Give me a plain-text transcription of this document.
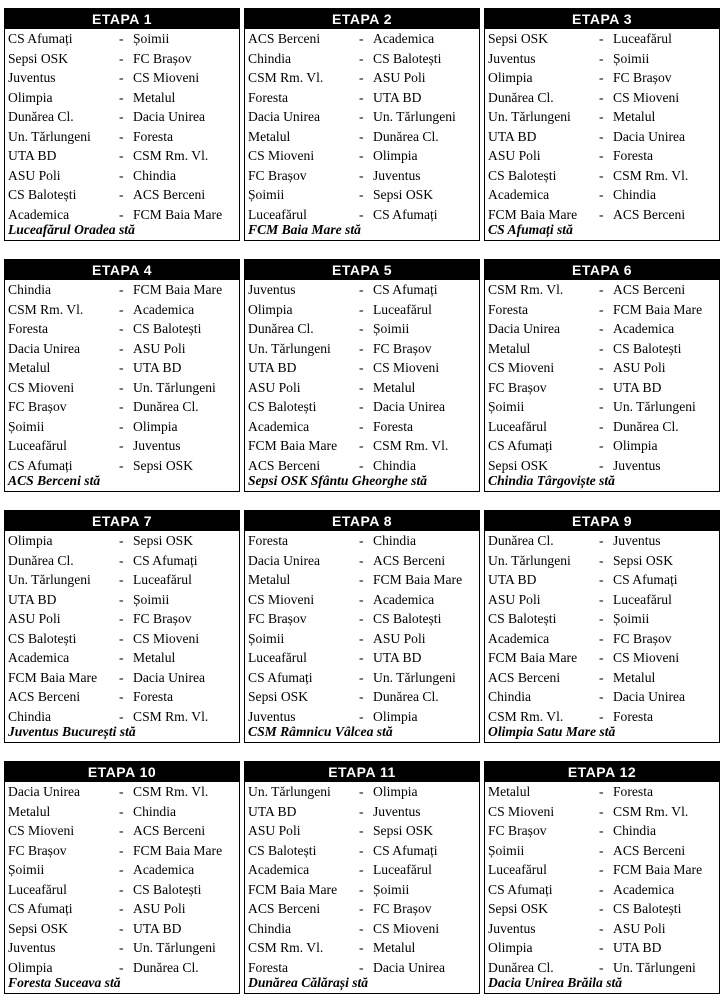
ETAPA 1
CS Afumați	- Șoimii
Sepsi OSK	- FC Brașov
Juventus	- CS Mioveni
Olimpia	- Metalul
Dunărea Cl.	- Dacia Unirea
Un. Tărlungeni - Foresta
UTA BD	- CSM Rm. Vl.
ASU Poli	- Chindia
CS Balotești	- ACS Berceni
Academica	- FCM Baia Mare
Luceafărul Oradea stă
ETAPA 2
ACS Berceni	- Academica
Chindia	- CS Balotești
CSM Rm. Vl.	- ASU Poli
Foresta	- UTA BD
Dacia Unirea	- Un. Tărlungeni
Metalul	- Dunărea Cl.
CS Mioveni	- Olimpia
FC Brașov	- Juventus
Șoimii	- Sepsi OSK
Luceafărul	- CS Afumați
FCM Baia Mare stă
ETAPA 3
Sepsi OSK	- Luceafărul
Juventus	- Șoimii
Olimpia	- FC Brașov
Dunărea Cl.	- CS Mioveni
Un. Tărlungeni - Metalul
UTA BD	- Dacia Unirea
ASU Poli	- Foresta
CS Balotești	- CSM Rm. Vl.
Academica	- Chindia
FCM Baia Mare - ACS Berceni
CS Afumați stă
ETAPA 4
Chindia	- FCM Baia Mare
CSM Rm. Vl.	- Academica
Foresta	- CS Balotești
Dacia Unirea	- ASU Poli
Metalul	- UTA BD
CS Mioveni	- Un. Tărlungeni
FC Brașov	- Dunărea Cl.
Șoimii	- Olimpia
Luceafărul	- Juventus
CS Afumați	- Sepsi OSK
ACS Berceni stă
ETAPA 5
Juventus	- CS Afumați
Olimpia	- Luceafărul
Dunărea Cl.	- Șoimii
Un. Tărlungeni - FC Brașov
UTA BD	- CS Mioveni
ASU Poli	- Metalul
CS Balotești	- Dacia Unirea
Academica	- Foresta
FCM Baia Mare - CSM Rm. Vl.
ACS Berceni	- Chindia
Sepsi OSK Sfântu Gheorghe stă
ETAPA 6
CSM Rm. Vl.	- ACS Berceni
Foresta	- FCM Baia Mare
Dacia Unirea	- Academica
Metalul	- CS Balotești
CS Mioveni	- ASU Poli
FC Brașov	- UTA BD
Șoimii	- Un. Tărlungeni
Luceafărul	- Dunărea Cl.
CS Afumați	- Olimpia
Sepsi OSK	- Juventus
Chindia Târgoviște stă
ETAPA 7
Olimpia	- Sepsi OSK
Dunărea Cl.	- CS Afumați
Un. Tărlungeni - Luceafărul
UTA BD	- Șoimii
ASU Poli	- FC Brașov
CS Balotești	- CS Mioveni
Academica	- Metalul
FCM Baia Mare - Dacia Unirea
ACS Berceni	- Foresta
Chindia	- CSM Rm. Vl.
Juventus București stă
ETAPA 8
Foresta	- Chindia
Dacia Unirea	- ACS Berceni
Metalul	- FCM Baia Mare
CS Mioveni	- Academica
FC Brașov	- CS Balotești
Șoimii	- ASU Poli
Luceafărul	- UTA BD
CS Afumați	- Un. Tărlungeni
Sepsi OSK	- Dunărea Cl.
Juventus	- Olimpia
CSM Râmnicu Vâlcea stă
ETAPA 9
Dunărea Cl.	- Juventus
Un. Tărlungeni - Sepsi OSK
UTA BD	- CS Afumați
ASU Poli	- Luceafărul
CS Balotești	- Șoimii
Academica	- FC Brașov
FCM Baia Mare - CS Mioveni
ACS Berceni	- Metalul
Chindia	- Dacia Unirea
CSM Rm. Vl.	- Foresta
Olimpia Satu Mare stă
ETAPA 10
Dacia Unirea	- CSM Rm. Vl.
Metalul	- Chindia
CS Mioveni	- ACS Berceni
FC Brașov	- FCM Baia Mare
Șoimii	- Academica
Luceafărul	- CS Balotești
CS Afumați	- ASU Poli
Sepsi OSK	- UTA BD
Juventus	- Un. Tărlungeni
Olimpia	- Dunărea Cl.
Foresta Suceava stă
ETAPA 11
Un. Tărlungeni - Olimpia
UTA BD	- Juventus
ASU Poli	- Sepsi OSK
CS Balotești	- CS Afumați
Academica	- Luceafărul
FCM Baia Mare - Șoimii
ACS Berceni	- FC Brașov
Chindia	- CS Mioveni
CSM Rm. Vl.	- Metalul
Foresta	- Dacia Unirea
Dunărea Călărași stă
ETAPA 12
Metalul	- Foresta
CS Mioveni	- CSM Rm. Vl.
FC Brașov	- Chindia
Șoimii	- ACS Berceni
Luceafărul	- FCM Baia Mare
CS Afumați	- Academica
Sepsi OSK	- CS Balotești
Juventus	- ASU Poli
Olimpia	- UTA BD
Dunărea Cl.	- Un. Tărlungeni
Dacia Unirea Brăila stă
